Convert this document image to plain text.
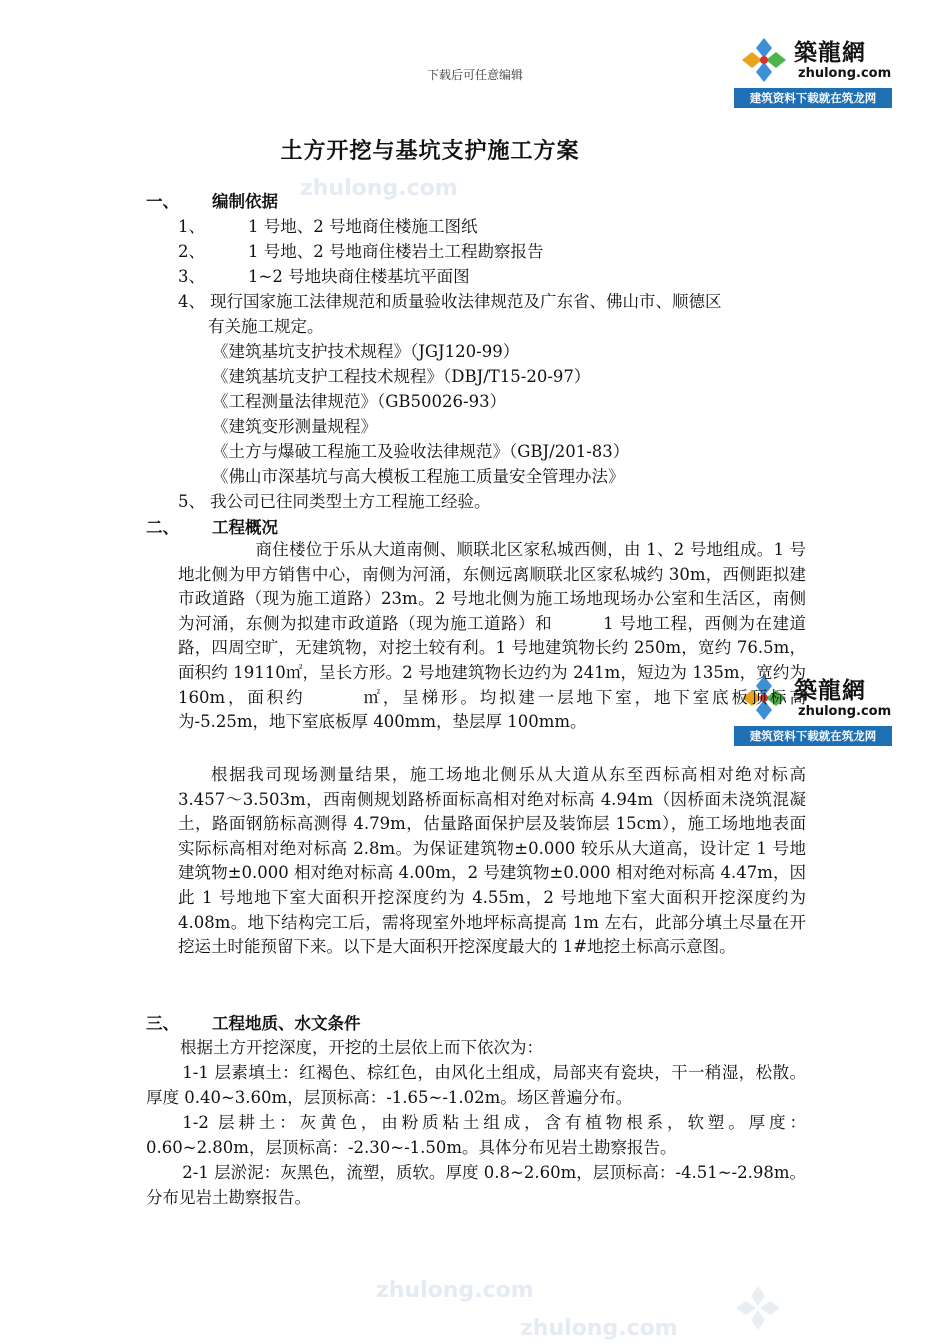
下载后可任意编辑
築龍網
zhulong.com
建筑资料下载就在筑龙网
築龍網
zhulong.com
建筑资料下载就在筑龙网
zhulong.com
zhulong.com
zhulong.com
土方开挖与基坑支护施工方案
一、 编制依据
1、	1 号地、2 号地商住楼施工图纸
2、	1 号地、2 号地商住楼岩土工程勘察报告
3、	1~2 号地块商住楼基坑平面图
4、 现行国家施工法律规范和质量验收法律规范及广东省、佛山市、顺德区
有关施工规定。
《建筑基坑支护技术规程》（JGJ120-99）
《建筑基坑支护工程技术规程》（DBJ/T15-20-97）
《工程测量法律规范》（GB50026-93）
《建筑变形测量规程》
《土方与爆破工程施工及验收法律规范》（GBJ/201-83）
《佛山市深基坑与高大模板工程施工质量安全管理办法》
5、 我公司已往同类型土方工程施工经验。
二、 工程概况
商住楼位于乐从大道南侧、顺联北区家私城西侧，由 1、2 号地组成。1 号地北侧为甲方销售中心，南侧为河涌，东侧远离顺联北区家私城约 30m，西侧距拟建市政道路（现为施工道路）23m。2 号地北侧为施工场地现场办公室和生活区，南侧为河涌，东侧为拟建市政道路（现为施工道路）和　　　1 号地工程，西侧为在建道路，四周空旷，无建筑物，对挖土较有利。1 号地建筑物长约 250m，宽约 76.5m，面积约 19110㎡，呈长方形。2 号地建筑物长边约为 241m，短边为 135m，宽约为 160m，面积约　　　㎡，呈梯形。均拟建一层地下室，地下室底板顶标高为-5.25m，地下室底板厚 400mm，垫层厚 100mm。
根据我司现场测量结果，施工场地北侧乐从大道从东至西标高相对绝对标高 3.457～3.503m，西南侧规划路桥面标高相对绝对标高 4.94m（因桥面未浇筑混凝土，路面钢筋标高测得 4.79m，估量路面保护层及装饰层 15cm），施工场地地表面实际标高相对绝对标高 2.8m。为保证建筑物±0.000 较乐从大道高，设计定 1 号地建筑物±0.000 相对绝对标高 4.00m，2 号建筑物±0.000 相对绝对标高 4.47m，因此 1 号地地下室大面积开挖深度约为 4.55m，2 号地地下室大面积开挖深度约为 4.08m。地下结构完工后，需将现室外地坪标高提高 1m 左右，此部分填土尽量在开挖运土时能预留下来。以下是大面积开挖深度最大的 1#地挖土标高示意图。
三、 工程地质、水文条件
根据土方开挖深度，开挖的土层依上而下依次为：
1-1 层素填土：红褐色、棕红色，由风化土组成，局部夹有瓷块，干一稍湿，松散。厚度 0.40~3.60m，层顶标高：-1.65~-1.02m。场区普遍分布。
1-2 层耕土：灰黄色，由粉质粘土组成，含有植物根系，软塑。厚度：0.60~2.80m，层顶标高：-2.30~-1.50m。具体分布见岩土勘察报告。
2-1 层淤泥：灰黑色，流塑，质软。厚度 0.8~2.60m，层顶标高：-4.51~-2.98m。分布见岩土勘察报告。
